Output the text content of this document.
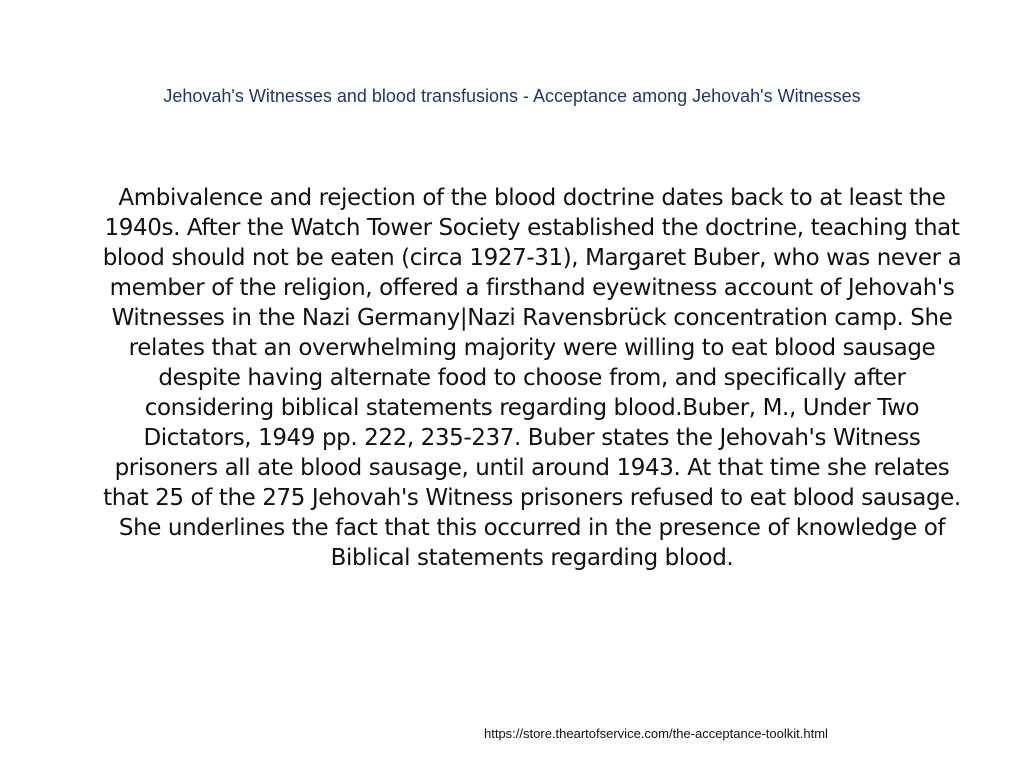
Jehovah's Witnesses and blood transfusions - Acceptance among Jehovah's Witnesses

Ambivalence and rejection of the blood doctrine dates back to at least the 1940s. After the Watch Tower Society established the doctrine, teaching that blood should not be eaten (circa 1927-31), Margaret Buber, who was never a member of the religion, offered a firsthand eyewitness account of Jehovah's Witnesses in the Nazi Germany|Nazi Ravensbrück concentration camp. She relates that an overwhelming majority were willing to eat blood sausage despite having alternate food to choose from, and specifically after considering biblical statements regarding blood.Buber, M., Under Two Dictators, 1949 pp. 222, 235-237. Buber states the Jehovah's Witness prisoners all ate blood sausage, until around 1943. At that time she relates that 25 of the 275 Jehovah's Witness prisoners refused to eat blood sausage. She underlines the fact that this occurred in the presence of knowledge of Biblical statements regarding blood.

https://store.theartofservice.com/the-acceptance-toolkit.html
